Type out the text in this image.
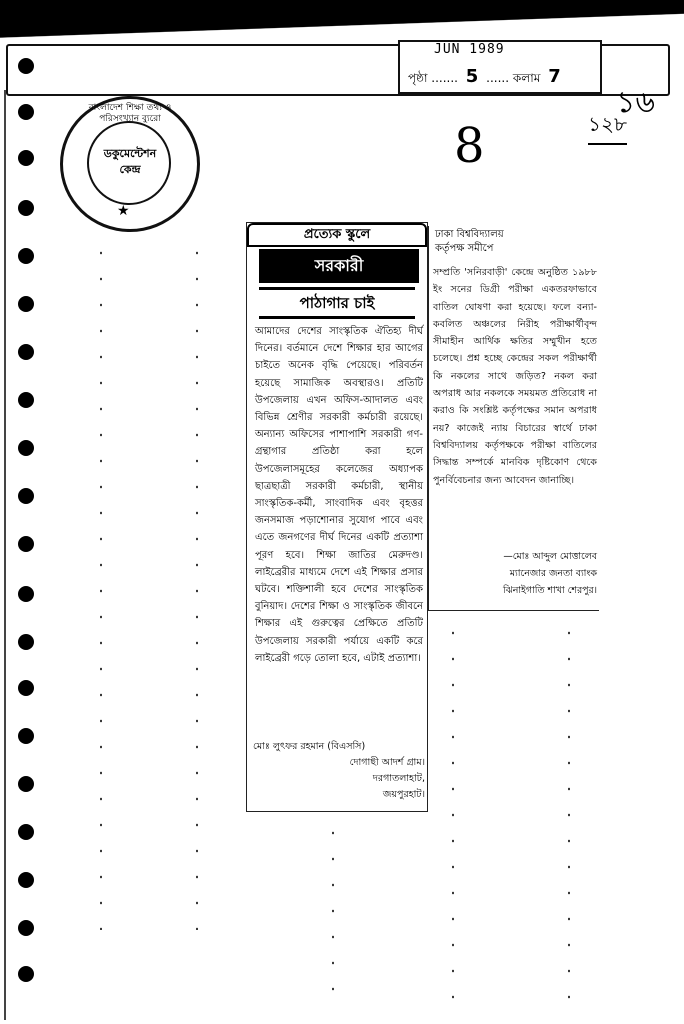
JUN 1989
পৃষ্ঠা ....... 5 ...... কলাম 7
১৬
১২৮
8
বাংলাদেশ শিক্ষা তথ্য ও পরিসংখ্যান ব্যুরো
ডকুমেন্টেশন
কেন্দ্র
★
প্রত্যেক স্কুলে
সরকারী
পাঠাগার চাই
আমাদের দেশের সাংস্কৃতিক ঐতিহ্য দীর্ঘ দিনের। বর্তমানে দেশে শিক্ষার হার আগের চাইতে অনেক বৃদ্ধি পেয়েছে। পরিবর্তন হয়েছে সামাজিক অবস্থারও। প্রতিটি উপজেলায় এখন অফিস-আদালত এবং বিভিন্ন শ্রেণীর সরকারী কর্মচারী রয়েছে। অন্যান্য অফিসের পাশাপাশি সরকারী গণ-গ্রন্থাগার প্রতিষ্ঠা করা হলে উপজেলাসমূহের কলেজের অধ্যাপক ছাত্রছাত্রী সরকারী কর্মচারী, স্থানীয় সাংস্কৃতিক-কর্মী, সাংবাদিক এবং বৃহত্তর জনসমাজ পড়াশোনার সুযোগ পাবে এবং এতে জনগণের দীর্ঘ দিনের একটি প্রত্যাশা পূরণ হবে। শিক্ষা জাতির মেরুদণ্ড। লাইব্রেরীর মাধ্যমে দেশে এই শিক্ষার প্রসার ঘটবে। শক্তিশালী হবে দেশের সাংস্কৃতিক বুনিয়াদ। দেশের শিক্ষা ও সাংস্কৃতিক জীবনে শিক্ষার এই গুরুত্বের প্রেক্ষিতে প্রতিটি উপজেলায় সরকারী পর্যায়ে একটি করে লাইব্রেরী গড়ে তোলা হবে, এটাই প্রত্যাশা।
মোঃ লুৎফর রহমান (বিএসসি)
দোগাছী আদর্শ গ্রাম।
দরগাতলাহাট,
জয়পুরহাট।
ঢাকা বিশ্ববিদ্যালয়
কর্তৃপক্ষ সমীপে
সম্প্রতি 'সনিরবাড়ী' কেন্দ্রে অনুষ্ঠিত ১৯৮৮ ইং সনের ডিগ্রী পরীক্ষা একতরফাভাবে বাতিল ঘোষণা করা হয়েছে। ফলে বন্যা-কবলিত অঞ্চলের নিরীহ পরীক্ষার্থীবৃন্দ সীমাহীন আর্থিক ক্ষতির সম্মুখীন হতে চলেছে। প্রশ্ন হচ্ছে কেন্দ্রের সকল পরীক্ষার্থী কি নকলের সাথে জড়িত? নকল করা অপরাধ আর নকলকে সময়মত প্রতিরোধ না করাও কি সংশ্লিষ্ট কর্তৃপক্ষের সমান অপরাধ নয়? কাজেই ন্যায় বিচারের স্বার্থে ঢাকা বিশ্ববিদ্যালয় কর্তৃপক্ষকে পরীক্ষা বাতিলের সিদ্ধান্ত সম্পর্কে মানবিক দৃষ্টিকোণ থেকে পুনর্বিবেচনার জন্য আবেদন জানাচ্ছি।
—মোঃ আব্দুল মোত্তালেব
ম্যানেজার জনতা ব্যাংক
ঝিনাইগাতি শাখা শেরপুর।
